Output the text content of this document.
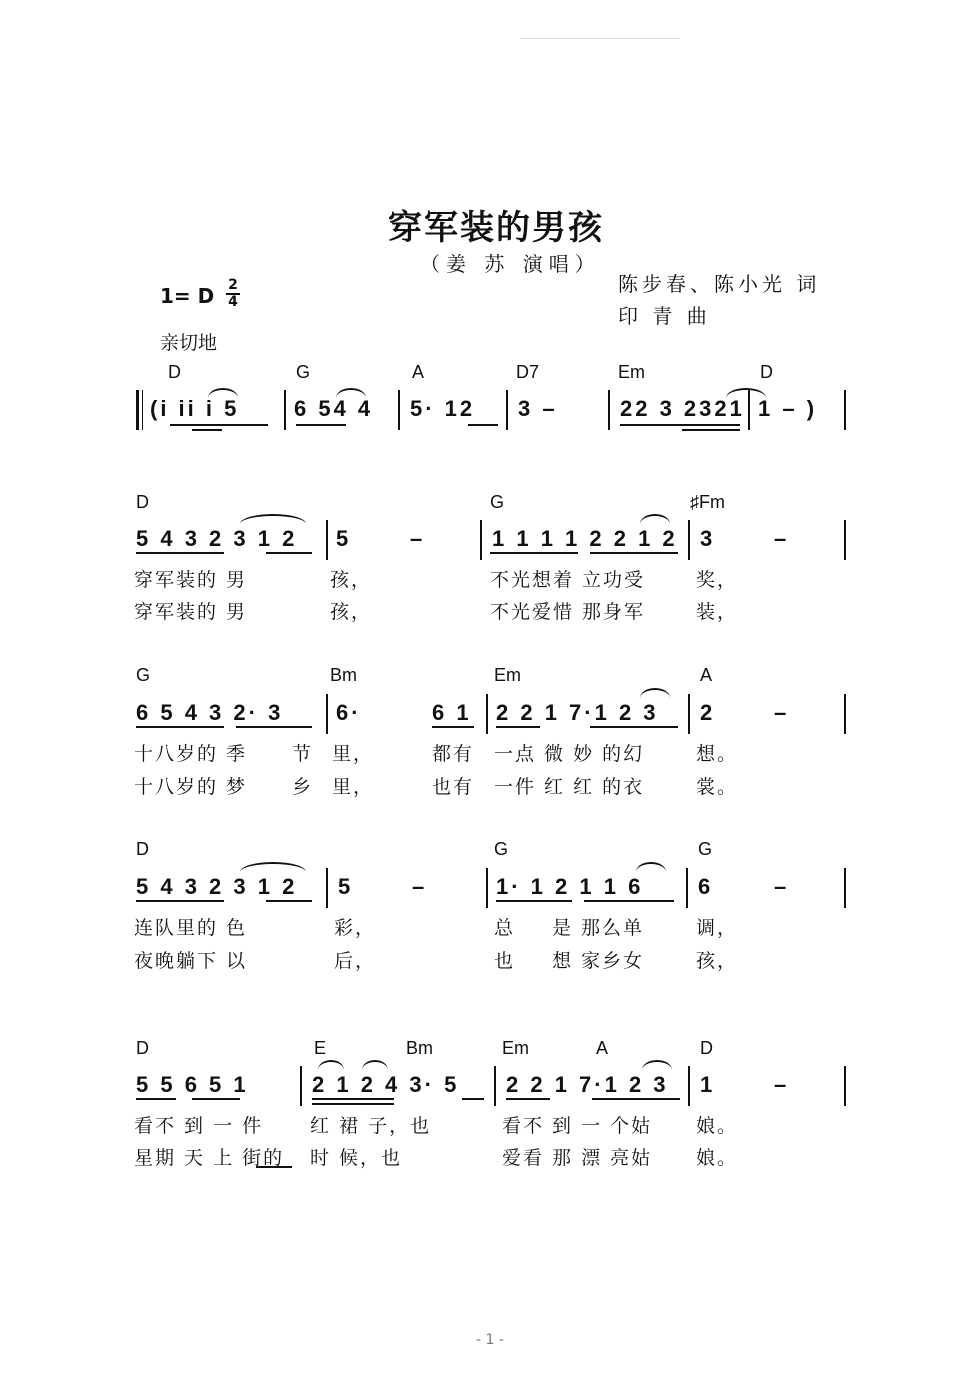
穿军装的男孩
（姜 苏 演唱）
陈步春、陈小光 词
印 青 曲
1= D 2
4
亲切地
D	G	A	D7	Em	D
(i ii i 5 6 54 4 5· 12 3 –	22 3 2321 1 – )
D	G	♯Fm
5 4 3 2 3 1 2 5	–	1 1 1 1 2 2 1 2 3	–
穿军装的 男	孩，	不光想着 立功受	奖，
穿军装的 男	孩，	不光爱惜 那身军	装，
G	Bm	Em	A
6 5 4 3 2· 3 6·	6 1 2 2 1 7·1 2 3 2	–
十八岁的 季 节 里，	都有 一点 微 妙 的幻	想。
十八岁的 梦 乡 里，	也有 一件 红 红 的衣	裳。
D	G	G
5 4 3 2 3 1 2 5	–	1· 1 2 1 1 6 6	–
连队里的 色	彩，	总 是 那么单	调，
夜晚躺下 以	后，	也 想 家乡女	孩，
D	E	Bm	Em	A	D
5 5 6 5 1	2 1 2 4 3· 5 2 2 1 7·1 2 3 1	–
看不 到 一 件 红 裙 子，也	看不 到 一 个姑 娘。
星期 天 上 街的 时 候，也	爱看 那 漂 亮姑 娘。
- 1 -
